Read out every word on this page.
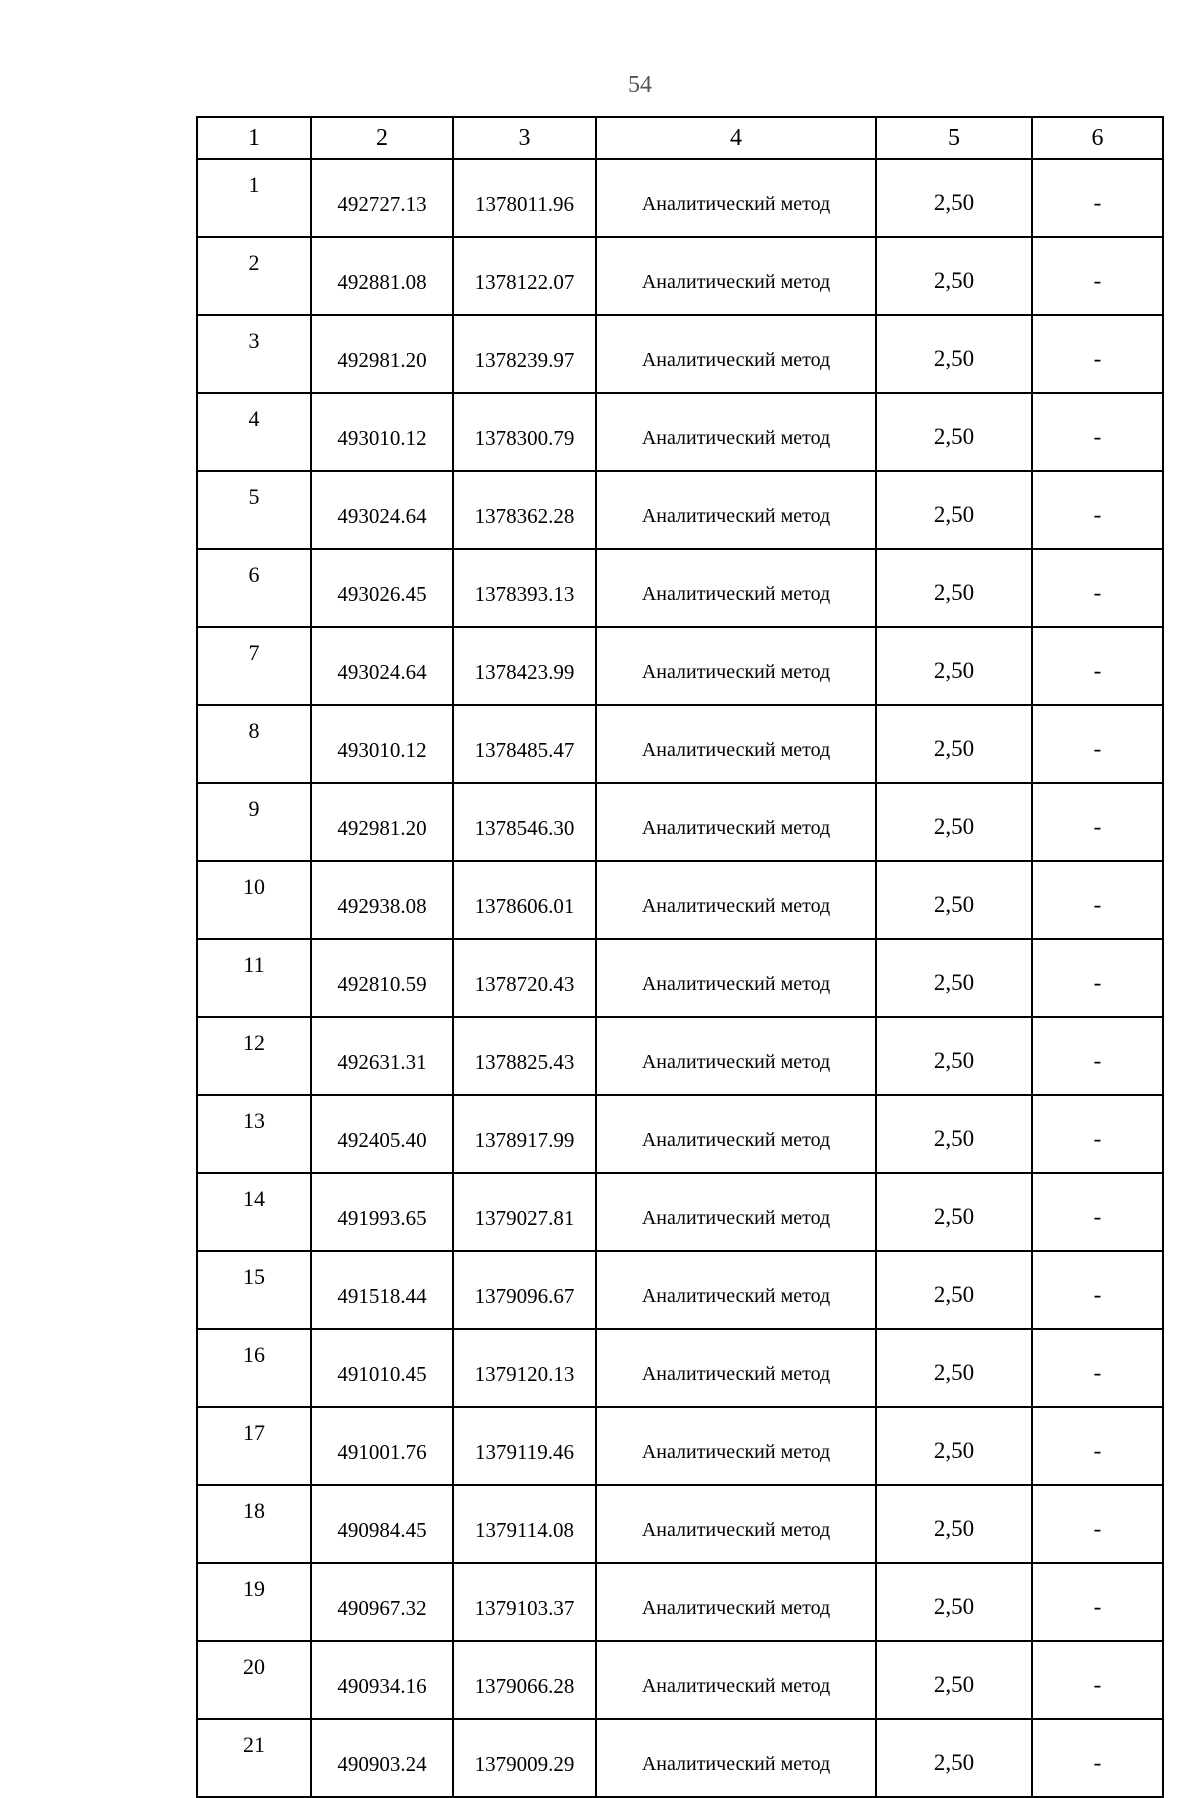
54
1	2	3	4	5	6
1	492727.13	1378011.96	Аналитический метод	2,50	-
2	492881.08	1378122.07	Аналитический метод	2,50	-
3	492981.20	1378239.97	Аналитический метод	2,50	-
4	493010.12	1378300.79	Аналитический метод	2,50	-
5	493024.64	1378362.28	Аналитический метод	2,50	-
6	493026.45	1378393.13	Аналитический метод	2,50	-
7	493024.64	1378423.99	Аналитический метод	2,50	-
8	493010.12	1378485.47	Аналитический метод	2,50	-
9	492981.20	1378546.30	Аналитический метод	2,50	-
10	492938.08	1378606.01	Аналитический метод	2,50	-
11	492810.59	1378720.43	Аналитический метод	2,50	-
12	492631.31	1378825.43	Аналитический метод	2,50	-
13	492405.40	1378917.99	Аналитический метод	2,50	-
14	491993.65	1379027.81	Аналитический метод	2,50	-
15	491518.44	1379096.67	Аналитический метод	2,50	-
16	491010.45	1379120.13	Аналитический метод	2,50	-
17	491001.76	1379119.46	Аналитический метод	2,50	-
18	490984.45	1379114.08	Аналитический метод	2,50	-
19	490967.32	1379103.37	Аналитический метод	2,50	-
20	490934.16	1379066.28	Аналитический метод	2,50	-
21	490903.24	1379009.29	Аналитический метод	2,50	-
